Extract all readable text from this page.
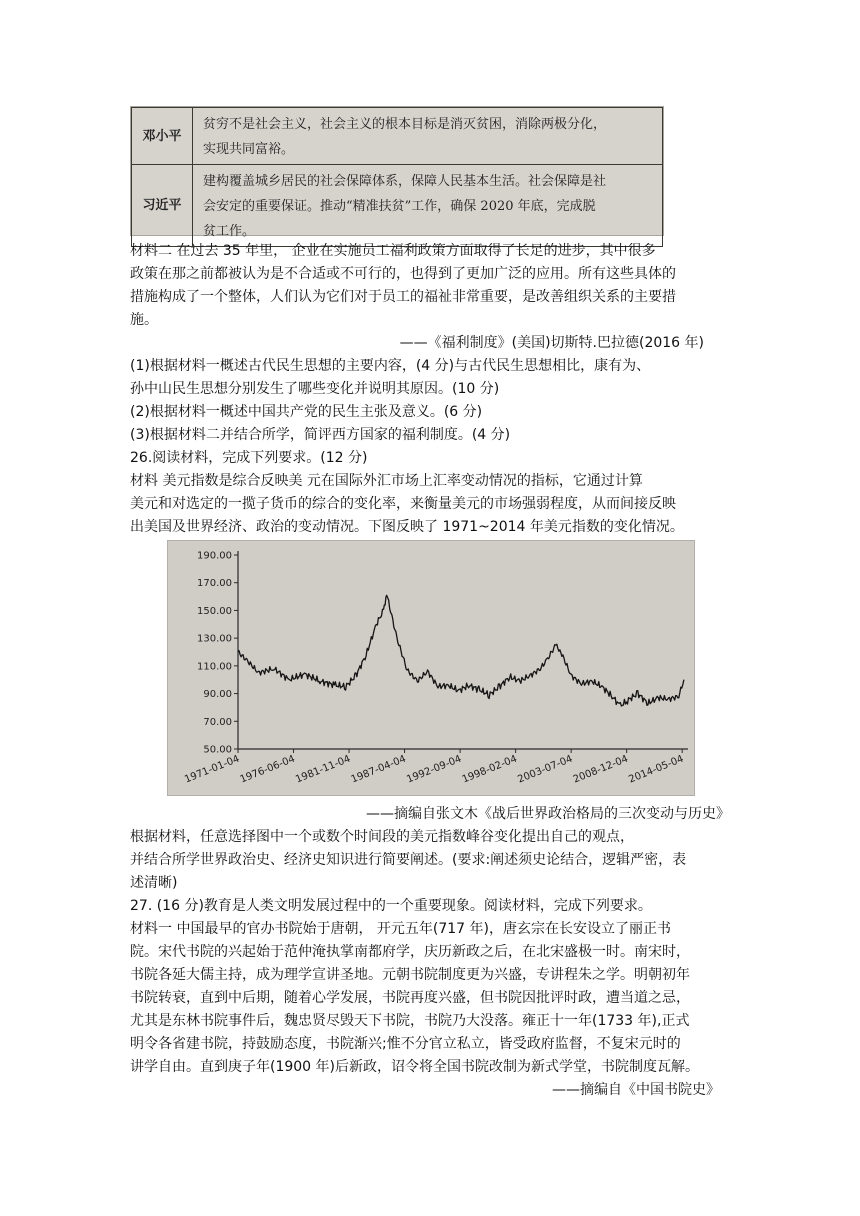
邓小平	贫穷不是社会主义，社会主义的根本目标是消灭贫困，消除两极分化，
实现共同富裕。

习近平	建构覆盖城乡居民的社会保障体系，保障人民基本生活。社会保障是社
会安定的重要保证。推动“精准扶贫”工作，确保 2020 年底，完成脱
贫工作。
材料二 在过去 35 年里， 企业在实施员工福利政策方面取得了长足的进步，其中很多
政策在那之前都被认为是不合适或不可行的，也得到了更加广泛的应用。所有这些具体的
措施构成了一个整体，人们认为它们对于员工的福祉非常重要，是改善组织关系的主要措
施。
——《福利制度》(美国)切斯特.巴拉德(2016 年)
(1)根据材料一概述古代民生思想的主要内容，(4 分)与古代民生思想相比，康有为、
孙中山民生思想分别发生了哪些变化并说明其原因。(10 分)
(2)根据材料一概述中国共产党的民生主张及意义。(6 分)
(3)根据材料二并结合所学，简评西方国家的福利制度。(4 分)
26.阅读材料，完成下列要求。(12 分)
材料 美元指数是综合反映美 元在国际外汇市场上汇率变动情况的指标，它通过计算
美元和对选定的一揽子货币的综合的变化率，来衡量美元的市场强弱程度，从而间接反映
出美国及世界经济、政治的变动情况。下图反映了 1971~2014 年美元指数的变化情况。
190.00
170.00
150.00
130.00
110.00
90.00
70.00
50.00
1971-01-04
1976-06-04
1981-11-04
1987-04-04
1992-09-04
1998-02-04
2003-07-04
2008-12-04
2014-05-04
——摘编自张文木《战后世界政治格局的三次变动与历史》
根据材料，任意选择图中一个或数个时间段的美元指数峰谷变化提出自己的观点，
并结合所学世界政治史、经济史知识进行简要阐述。(要求:阐述须史论结合，逻辑严密，表
述清晰)
27. (16 分)教育是人类文明发展过程中的一个重要现象。阅读材料，完成下列要求。
材料一 中国最早的官办书院始于唐朝， 开元五年(717 年)，唐玄宗在长安设立了丽正书
院。宋代书院的兴起始于范仲淹执掌南都府学，庆历新政之后，在北宋盛极一时。南宋时，
书院各延大儒主持，成为理学宣讲圣地。元朝书院制度更为兴盛，专讲程朱之学。明朝初年
书院转衰，直到中后期，随着心学发展，书院再度兴盛，但书院因批评时政，遭当道之忌，
尤其是东林书院事件后，魏忠贤尽毁天下书院，书院乃大没落。雍正十一年(1733 年),正式
明令各省建书院，持鼓励态度，书院渐兴;惟不分官立私立，皆受政府监督，不复宋元时的
讲学自由。直到庚子年(1900 年)后新政，诏令将全国书院改制为新式学堂，书院制度瓦解。
——摘编自《中国书院史》
